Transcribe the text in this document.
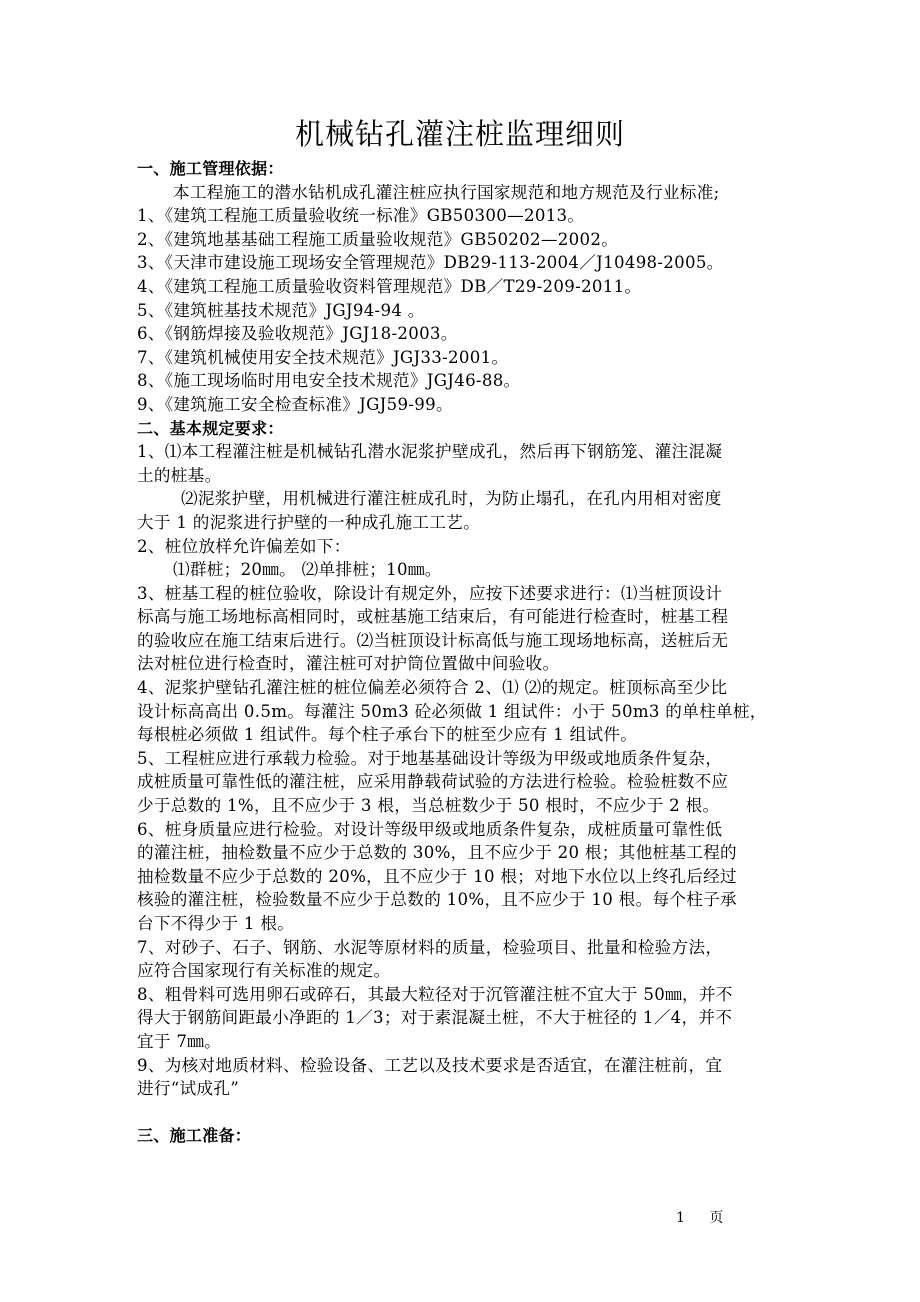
机械钻孔灌注桩监理细则

一、施工管理依据：

本工程施工的潜水钻机成孔灌注桩应执行国家规范和地方规范及行业标准;

1、《建筑工程施工质量验收统一标准》GB50300—2013。

2、《建筑地基基础工程施工质量验收规范》GB50202—2002。

3、《天津市建设施工现场安全管理规范》DB29-113-2004／J10498-2005。

4、《建筑工程施工质量验收资料管理规范》DB／T29-209-2011。

5、《建筑桩基技术规范》JGJ94-94 。

6、《钢筋焊接及验收规范》JGJ18-2003。

7、《建筑机械使用安全技术规范》JGJ33-2001。

8、《施工现场临时用电安全技术规范》JGJ46-88。

9、《建筑施工安全检查标准》JGJ59-99。

二、基本规定要求：

1、⑴本工程灌注桩是机械钻孔潜水泥浆护壁成孔，然后再下钢筋笼、灌注混凝

土的桩基。

⑵泥浆护壁，用机械进行灌注桩成孔时，为防止塌孔，在孔内用相对密度

大于 1 的泥浆进行护壁的一种成孔施工工艺。

2、桩位放样允许偏差如下：

⑴群桩；20㎜。 ⑵单排桩；10㎜。

3、桩基工程的桩位验收，除设计有规定外，应按下述要求进行：⑴当桩顶设计

标高与施工场地标高相同时，或桩基施工结束后，有可能进行检查时，桩基工程

的验收应在施工结束后进行。⑵当桩顶设计标高低与施工现场地标高，送桩后无

法对桩位进行检查时，灌注桩可对护筒位置做中间验收。

4、泥浆护壁钻孔灌注桩的桩位偏差必须符合 2、⑴ ⑵的规定。桩顶标高至少比

设计标高高出 0.5m。每灌注 50m3 砼必须做 1 组试件：小于 50m3 的单柱单桩，

每根桩必须做 1 组试件。每个柱子承台下的桩至少应有 1 组试件。

5、工程桩应进行承载力检验。对于地基基础设计等级为甲级或地质条件复杂，

成桩质量可靠性低的灌注桩，应采用静载荷试验的方法进行检验。检验桩数不应

少于总数的 1%，且不应少于 3 根，当总桩数少于 50 根时，不应少于 2 根。

6、桩身质量应进行检验。对设计等级甲级或地质条件复杂，成桩质量可靠性低

的灌注桩，抽检数量不应少于总数的 30%，且不应少于 20 根；其他桩基工程的

抽检数量不应少于总数的 20%，且不应少于 10 根；对地下水位以上终孔后经过

核验的灌注桩，检验数量不应少于总数的 10%，且不应少于 10 根。每个柱子承

台下不得少于 1 根。

7、对砂子、石子、钢筋、水泥等原材料的质量，检验项目、批量和检验方法，

应符合国家现行有关标准的规定。

8、粗骨料可选用卵石或碎石，其最大粒径对于沉管灌注桩不宜大于 50㎜，并不

得大于钢筋间距最小净距的 1／3；对于素混凝土桩，不大于桩径的 1／4，并不

宜于 7㎜。

9、为核对地质材料、检验设备、工艺以及技术要求是否适宜，在灌注桩前，宜

进行“试成孔”

三、施工准备：

1 页
